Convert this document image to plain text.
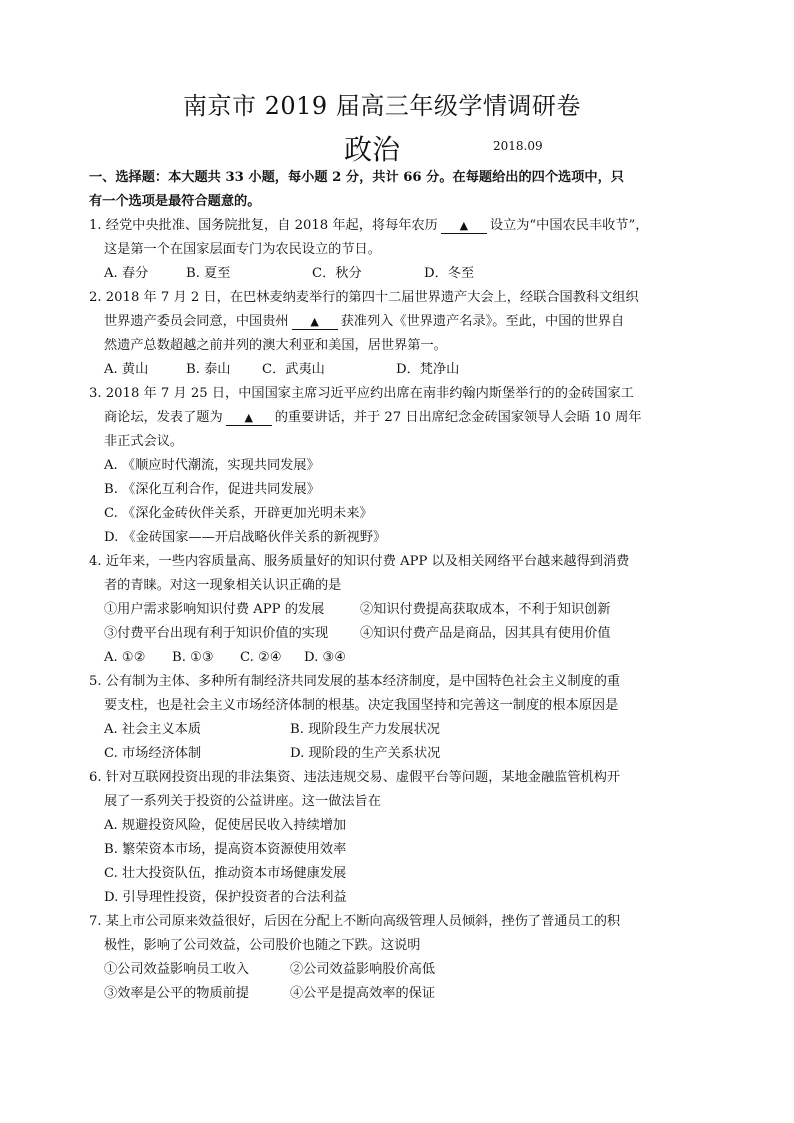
南京市 2019 届高三年级学情调研卷
政治	2018.09
一、选择题：本大题共 33 小题，每小题 2 分，共计 66 分。在每题给出的四个选项中，只
有一个选项是最符合题意的。
1. 经党中央批准、国务院批复，自 2018 年起，将每年农历 ▲ 设立为“中国农民丰收节”，
这是第一个在国家层面专门为农民设立的节日。
A. 春分	B. 夏至	C．秋分	D．冬至
2. 2018 年 7 月 2 日，在巴林麦纳麦举行的第四十二届世界遗产大会上，经联合国教科文组织
世界遗产委员会同意，中国贵州 ▲ 获准列入《世界遗产名录》。至此，中国的世界自
然遗产总数超越之前并列的澳大利亚和美国，居世界第一。
A. 黄山	B. 泰山 C．武夷山	D．梵净山
3. 2018 年 7 月 25 日，中国国家主席习近平应约出席在南非约翰内斯堡举行的的金砖国家工
商论坛，发表了题为 ▲ 的重要讲话，并于 27 日出席纪念金砖国家领导人会晤 10 周年
非正式会议。
A. 《顺应时代潮流，实现共同发展》
B. 《深化互利合作，促进共同发展》
C. 《深化金砖伙伴关系，开辟更加光明未来》
D. 《金砖国家——开启战略伙伴关系的新视野》
4. 近年来，一些内容质量高、服务质量好的知识付费 APP 以及相关网络平台越来越得到消费
者的青睐。对这一现象相关认识正确的是
①用户需求影响知识付费 APP 的发展	②知识付费提高获取成本，不利于知识创新
③付费平台出现有利于知识价值的实现 ④知识付费产品是商品，因其具有使用价值
A. ①② B. ①③ C. ②④ D. ③④
5. 公有制为主体、多种所有制经济共同发展的基本经济制度，是中国特色社会主义制度的重
要支柱，也是社会主义市场经济体制的根基。决定我国坚持和完善这一制度的根本原因是
A. 社会主义本质	B. 现阶段生产力发展状况
C. 市场经济体制	D. 现阶段的生产关系状况
6. 针对互联网投资出现的非法集资、违法违规交易、虚假平台等问题，某地金融监管机构开
展了一系列关于投资的公益讲座。这一做法旨在
A. 规避投资风险，促使居民收入持续增加
B. 繁荣资本市场，提高资本资源使用效率
C. 壮大投资队伍，推动资本市场健康发展
D. 引导理性投资，保护投资者的合法利益
7. 某上市公司原来效益很好，后因在分配上不断向高级管理人员倾斜，挫伤了普通员工的积
极性，影响了公司效益，公司股价也随之下跌。这说明
①公司效益影响员工收入	②公司效益影响股价高低
③效率是公平的物质前提	④公平是提高效率的保证
